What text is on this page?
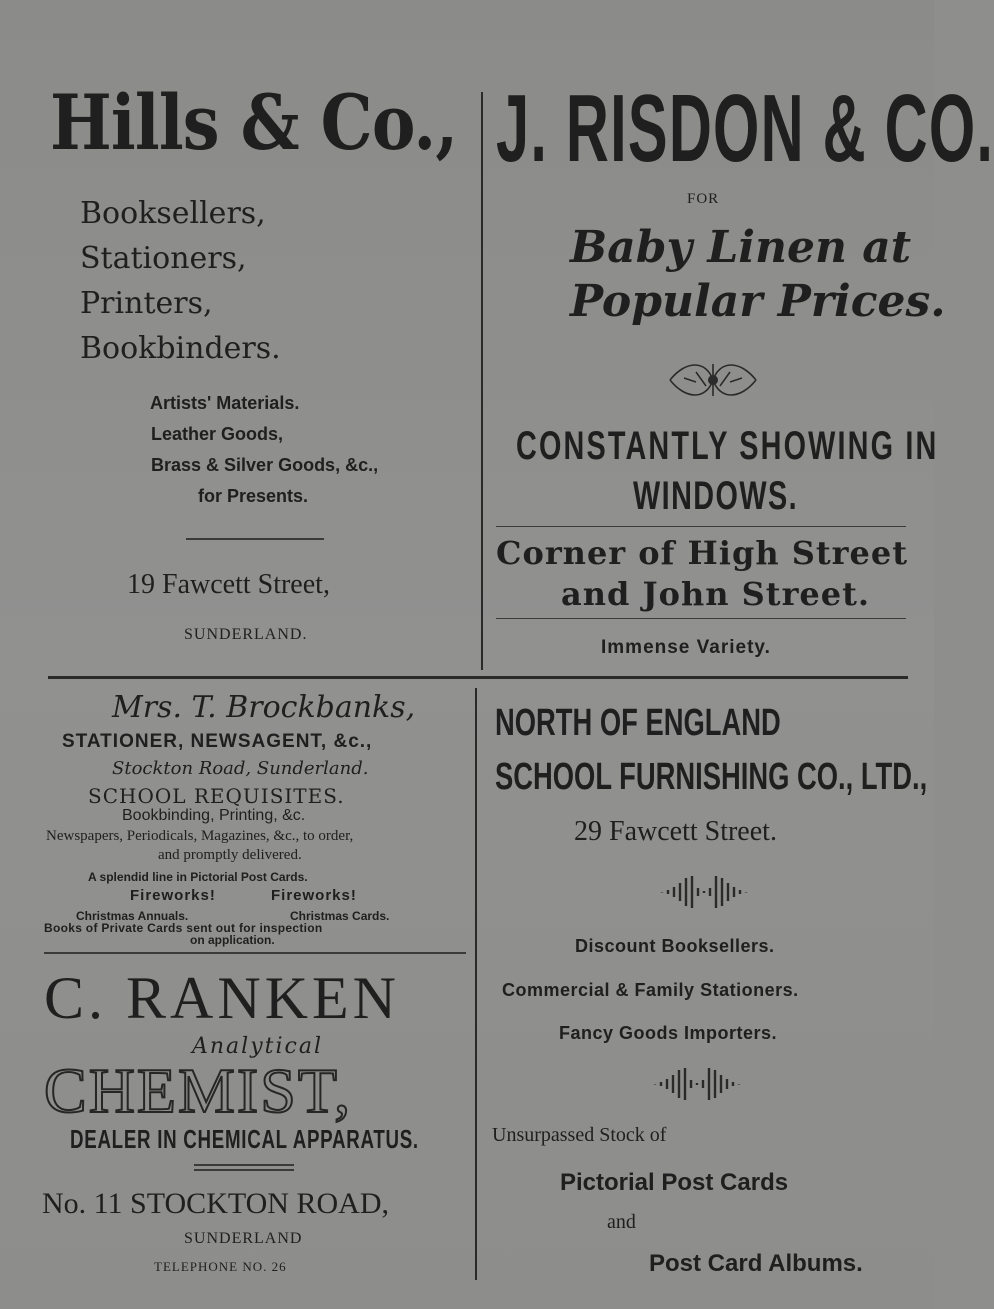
Hills & Co.,
Booksellers,
Stationers,
Printers,
Bookbinders.
Artists' Materials.
Leather Goods,
Brass & Silver Goods, &c.,
for Presents.
19 Fawcett Street,
SUNDERLAND.
J. RISDON & CO.
FOR
Baby Linen at
Popular Prices.
CONSTANTLY SHOWING IN
WINDOWS.
Corner of High Street
and John Street.
Immense Variety.
Mrs. T. Brockbanks,
STATIONER, NEWSAGENT, &c.,
Stockton Road, Sunderland.
SCHOOL REQUISITES.
Bookbinding, Printing, &c.
Newspapers, Periodicals, Magazines, &c., to order,
and promptly delivered.
A splendid line in Pictorial Post Cards.
Fireworks!	Fireworks!
Christmas Annuals.	Christmas Cards.
Books of Private Cards sent out for inspection
on application.
C. RANKEN
Analytical
CHEMIST,
DEALER IN CHEMICAL APPARATUS.
No. 11 STOCKTON ROAD,
SUNDERLAND
TELEPHONE NO. 26
NORTH OF ENGLAND
SCHOOL FURNISHING CO., LTD.,
29 Fawcett Street.
Discount Booksellers.
Commercial & Family Stationers.
Fancy Goods Importers.
Unsurpassed Stock of
Pictorial Post Cards
and
Post Card Albums.
